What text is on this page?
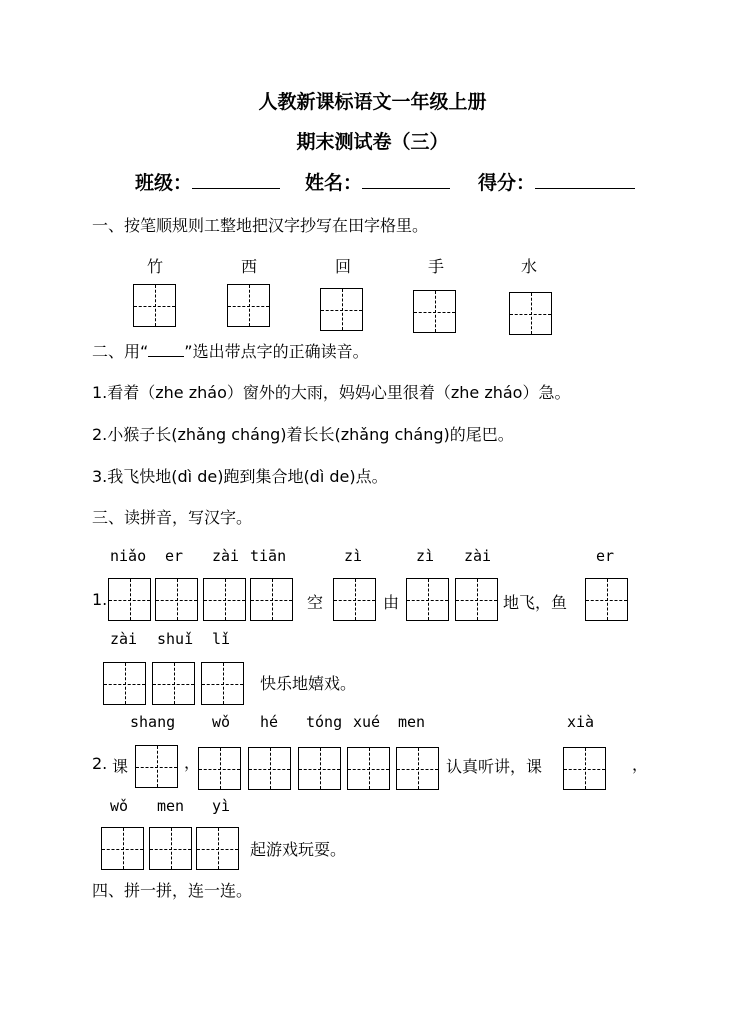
人教新课标语文一年级上册
期末测试卷（三）
班级：	姓名：	得分：
一、按笔顺规则工整地把汉字抄写在田字格里。
竹	西	回	手	水
二、用“ ”选出带点字的正确读音。
1.看着（zhe zháo）窗外的大雨，妈妈心里很着（zhe zháo）急。
2.小猴子长(zhǎng cháng)着长长(zhǎng cháng)的尾巴。
3.我飞快地(dì de)跑到集合地(dì de)点。
三、读拼音，写汉字。
niǎo er zài tiān	zì	zì zài	er
1.	空	由	地飞，鱼
zài shuǐ lǐ
快乐地嬉戏。
shang wǒ hé tóng xué men	xià
2. 课	，	认真听讲，课	，
wǒ men yì
起游戏玩耍。
四、拼一拼，连一连。
